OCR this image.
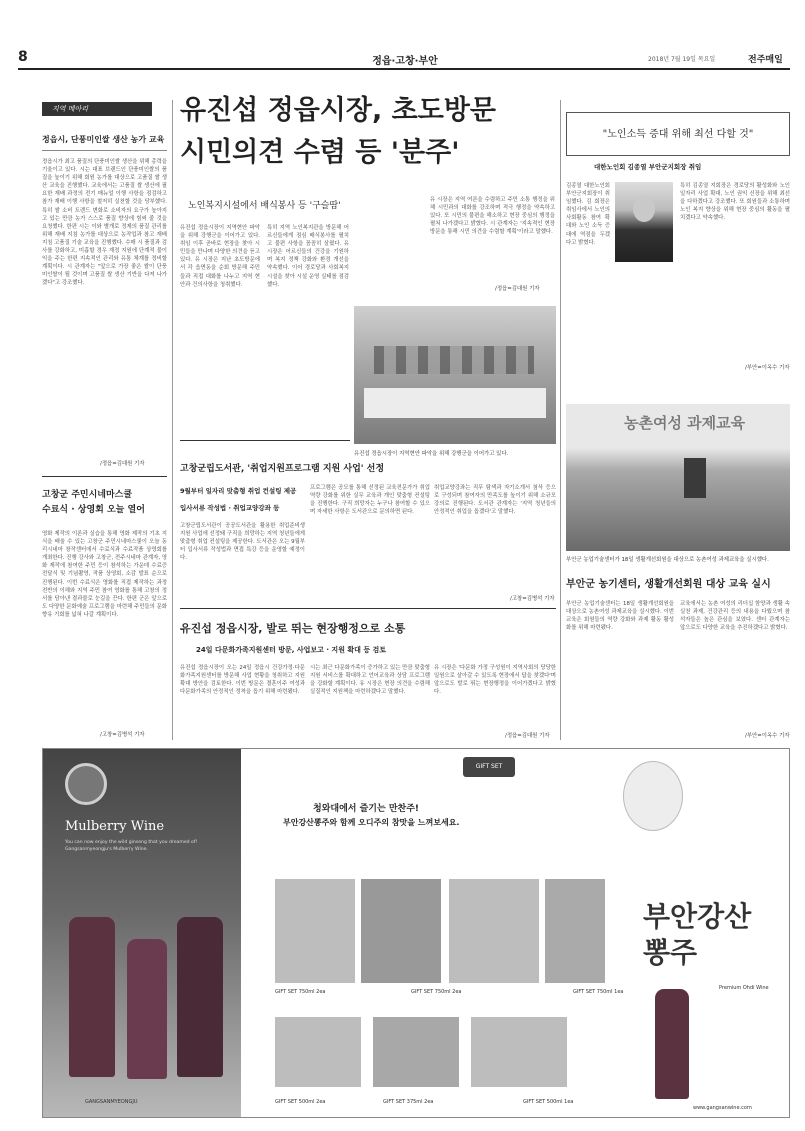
8	정읍·고창·부안	2018년 7월 19일 목요일	전주매일
지역 메아리
정읍시, 단풍미인쌀 생산 농가 교육
정읍시가 최고 품질의 단풍미인쌀 생산을 위해 총력을 기울이고 있다. 시는 대표 브랜드인 단풍미인쌀의 품질을 높이기 위해 회원 농가를 대상으로 고품질 쌀 생산 교육을 진행했다. 교육에서는 고품질 쌀 생산에 필요한 재배 과정의 전기 매뉴얼 이행 사항을 점검하고 참가 재배 이행 사항을 철저히 실천할 것을 당부했다. 특히 쌀 소비 트렌드 변화로 소비자의 요구가 높아지고 있는 만큼 농가 스스로 품질 향상에 힘써 줄 것을 요청했다. 한편 시는 이와 별개로 정제의 품질 관리를 위해 재배 지침 농가를 대상으로 농작업과 참고 재배 지침 고품질 기술 교육을 진행했다. 수매 시 품질과 검사를 강화하고, 미흡할 경우 재정 지원에 단계적 불이익을 주는 한편 지속적인 관리와 유통 체계를 정비할 계획이다. 시 관계자는 "앞으로 가장 좋은 쌀이 단풍미인쌀이 될 것이며 고품질 쌀 생산 기반을 다져 나가겠다"고 강조했다.
/정읍=김대원 기자
고창군 주민시네마스쿨
수료식 · 상영회 오늘 열어
영화 제작의 이론과 실습을 통해 영화 제작의 기초 지식을 배울 수 있는 고창군 주민시네마스쿨이 오늘 동리시네마 창작센터에서 수료식과 수료작품 상영회를 개최한다. 진행 강사와 고창군, 전주시네마 관계자, 영화 제작에 참여한 주민 등이 참석하는 가운데 수료증 전달식 및 기념촬영, 작품 상영회, 소감 발표 순으로 진행된다. 이번 수료식은 영화를 직접 제작하는 과정 전반의 이해와 지역 주민 참여 영화를 통해 고창의 정서를 담아낸 결과물로 눈길을 끈다. 한편 군은 앞으로도 다양한 문화예술 프로그램을 마련해 주민들의 문화향유 기회를 넓혀 나갈 계획이다.
/고창=김병석 기자
유진섭 정읍시장, 초도방문
시민의견 수렴 등 '분주'
노인복지시설에서 배식봉사 등 '구슬땀'
유진섭 정읍시장이 지역현안 파악을 위해 강행군을 이어가고 있다. 취임 이후 곧바로 현장을 찾아 시민들을 만나며 다양한 의견을 듣고 있다. 유 시장은 지난 초도방문에서 각 읍면동을 순회 방문해 주민들과 직접 대화를 나누고 지역 현안과 건의사항을 청취했다.
특히 지역 노인복지관을 방문해 어르신들에게 점심 배식봉사를 펼치고 불편 사항을 꼼꼼히 살폈다. 유 시장은 어르신들의 건강을 기원하며 복지 정책 강화와 환경 개선을 약속했다. 이어 경로당과 사회복지시설을 찾아 시설 운영 실태를 점검했다.
유 시장은 지역 여론을 수렴하고 주민 소통 행정을 위해 시민과의 대화를 강조하며 적극 행정을 약속하고 있다. 또 시민의 불편을 해소하고 현장 중심의 행정을 펼쳐 나가겠다고 밝혔다. 시 관계자는 '지속적인 현장 방문을 통해 시민 의견을 수렴할 계획'이라고 말했다.
/정읍=김대원 기자
유진섭 정읍시장이 지역현안 파악을 위해 강행군을 이어가고 있다.
고창군립도서관, '취업지원프로그램 지원 사업' 선정
9월부터 일자리 맞춤형 취업 컨설팅 제공
입사서류 작성법 · 취업교양강좌 등
고창군립도서관이 공공도서관을 활용한 취업준비생 지원 사업에 선정돼 구직을 희망하는 지역 청년들에게 맞춤형 취업 컨설팅을 제공한다. 도서관은 오는 9월부터 입사서류 작성법과 면접 특강 등을 운영할 예정이다.
프로그램은 공모를 통해 선정된 교육전문가가 취업 역량 강화를 위한 실무 교육과 개인 맞춤형 컨설팅을 진행한다. 구직 희망자는 누구나 참여할 수 있으며 자세한 사항은 도서관으로 문의하면 된다.
취업교양강좌는 직무 탐색과 자기소개서 첨삭 등으로 구성되며 참여자의 만족도를 높이기 위해 소규모 강의로 진행된다. 도서관 관계자는 '지역 청년들의 안정적인 취업을 돕겠다'고 말했다.
/고창=김병석 기자
유진섭 정읍시장, 발로 뛰는 현장행정으로 소통
24일 다문화가족지원센터 방문, 사업보고 · 지원 확대 등 검토
유진섭 정읍시장이 오는 24일 정읍시 건강가정·다문화가족지원센터를 방문해 사업 현황을 청취하고 지원 확대 방안을 검토한다. 이번 방문은 결혼이주 여성과 다문화가족의 안정적인 정착을 돕기 위해 마련됐다.
시는 최근 다문화가족이 증가하고 있는 만큼 맞춤형 지원 서비스를 확대하고 언어교육과 상담 프로그램을 강화할 계획이다. 유 시장은 현장 의견을 수렴해 실질적인 지원책을 마련하겠다고 말했다.
유 시장은 '다문화 가정 구성원이 지역사회의 당당한 일원으로 살아갈 수 있도록 현장에서 답을 찾겠다'며 앞으로도 발로 뛰는 현장행정을 이어가겠다고 밝혔다.
/정읍=김대원 기자
"노인소득 증대 위해 최선 다할 것"
대한노인회 김종열 부안군지회장 취임
김종열 대한노인회 부안군지회장이 취임했다. 김 회장은 취임사에서 노인의 사회활동 참여 확대와 노인 소득 증대에 역점을 두겠다고 밝혔다.
특히 김종열 지회장은 경로당의 활성화와 노인 일자리 사업 확대, 노인 권익 신장을 위해 최선을 다하겠다고 강조했다. 또 회원들과 소통하며 노인 복지 향상을 위해 현장 중심의 활동을 펼치겠다고 약속했다.
/부안=이옥수 기자
농촌여성 과제교육
부안군 농업기술센터가 18일 생활개선회원을 대상으로 농촌여성 과제교육을 실시했다.
부안군 농기센터, 생활개선회원 대상 교육 실시
부안군 농업기술센터는 18일 생활개선회원을 대상으로 농촌여성 과제교육을 실시했다. 이번 교육은 회원들의 역량 강화와 과제 활동 활성화를 위해 마련됐다.
교육에서는 농촌 여성의 리더십 함양과 생활 속 실천 과제, 건강관리 등의 내용을 다뤘으며 참석자들은 높은 관심을 보였다. 센터 관계자는 앞으로도 다양한 교육을 추진하겠다고 밝혔다.
/부안=이옥수 기자
Mulberry Wine
You can now enjoy the wild ginseng that you dreamed of! Gangsanmyeongju's Mulberry Wine.
GANGSANMYEONGJU
GIFT SET
청와대에서 즐기는 만찬주!
부안강산뽕주와 함께 오디주의 참맛을 느껴보세요.
GIFT SET 750ml 2ea	GIFT SET 750ml 2ea	GIFT SET 750ml 1ea
GIFT SET 500ml 2ea	GIFT SET 375ml 2ea	GIFT SET 500ml 1ea
부안강산 뽕주
Premium Ohdi Wine
www.gangsanwine.com
